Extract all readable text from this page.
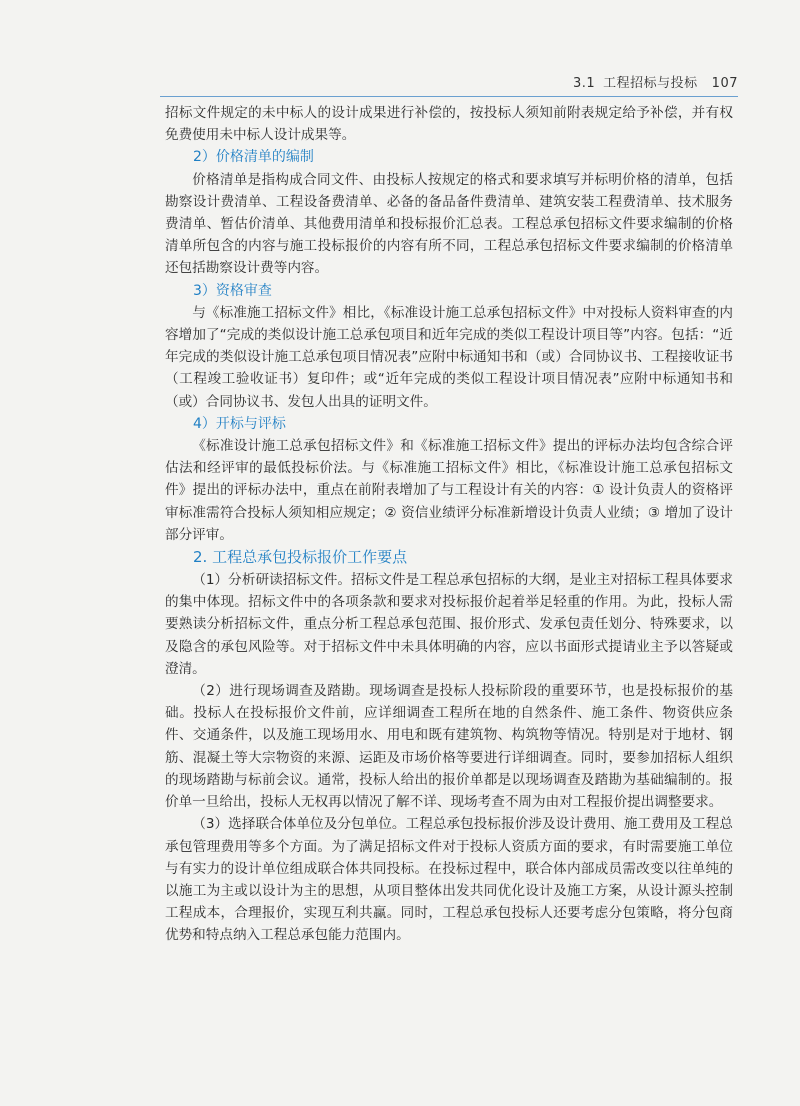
3.1 工程招标与投标 107

招标文件规定的未中标人的设计成果进行补偿的，按投标人须知前附表规定给予补偿，并有权免费使用未中标人设计成果等。

2）价格清单的编制

价格清单是指构成合同文件、由投标人按规定的格式和要求填写并标明价格的清单，包括勘察设计费清单、工程设备费清单、必备的备品备件费清单、建筑安装工程费清单、技术服务费清单、暂估价清单、其他费用清单和投标报价汇总表。工程总承包招标文件要求编制的价格清单所包含的内容与施工投标报价的内容有所不同，工程总承包招标文件要求编制的价格清单还包括勘察设计费等内容。

3）资格审查

与《标准施工招标文件》相比，《标准设计施工总承包招标文件》中对投标人资料审查的内容增加了“完成的类似设计施工总承包项目和近年完成的类似工程设计项目等”内容。包括：“近年完成的类似设计施工总承包项目情况表”应附中标通知书和（或）合同协议书、工程接收证书（工程竣工验收证书）复印件；或“近年完成的类似工程设计项目情况表”应附中标通知书和（或）合同协议书、发包人出具的证明文件。

4）开标与评标

《标准设计施工总承包招标文件》和《标准施工招标文件》提出的评标办法均包含综合评估法和经评审的最低投标价法。与《标准施工招标文件》相比，《标准设计施工总承包招标文件》提出的评标办法中，重点在前附表增加了与工程设计有关的内容：① 设计负责人的资格评审标准需符合投标人须知相应规定；② 资信业绩评分标准新增设计负责人业绩；③ 增加了设计部分评审。

2. 工程总承包投标报价工作要点

（1）分析研读招标文件。招标文件是工程总承包招标的大纲，是业主对招标工程具体要求的集中体现。招标文件中的各项条款和要求对投标报价起着举足轻重的作用。为此，投标人需要熟读分析招标文件，重点分析工程总承包范围、报价形式、发承包责任划分、特殊要求，以及隐含的承包风险等。对于招标文件中未具体明确的内容，应以书面形式提请业主予以答疑或澄清。

（2）进行现场调查及踏勘。现场调查是投标人投标阶段的重要环节，也是投标报价的基础。投标人在投标报价文件前，应详细调查工程所在地的自然条件、施工条件、物资供应条件、交通条件，以及施工现场用水、用电和既有建筑物、构筑物等情况。特别是对于地材、钢筋、混凝土等大宗物资的来源、运距及市场价格等要进行详细调查。同时，要参加招标人组织的现场踏勘与标前会议。通常，投标人给出的报价单都是以现场调查及踏勘为基础编制的。报价单一旦给出，投标人无权再以情况了解不详、现场考查不周为由对工程报价提出调整要求。

（3）选择联合体单位及分包单位。工程总承包投标报价涉及设计费用、施工费用及工程总承包管理费用等多个方面。为了满足招标文件对于投标人资质方面的要求，有时需要施工单位与有实力的设计单位组成联合体共同投标。在投标过程中，联合体内部成员需改变以往单纯的以施工为主或以设计为主的思想，从项目整体出发共同优化设计及施工方案，从设计源头控制工程成本，合理报价，实现互利共赢。同时，工程总承包投标人还要考虑分包策略，将分包商优势和特点纳入工程总承包能力范围内。
